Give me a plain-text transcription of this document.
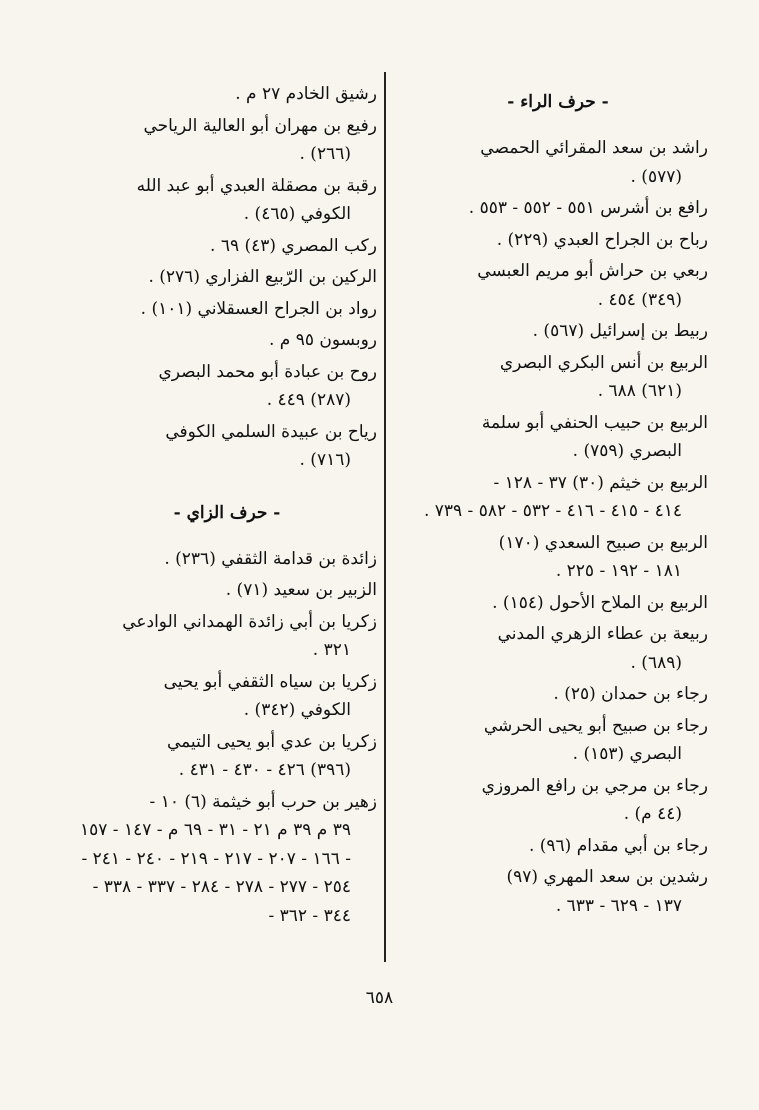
- حرف الراء -
راشد بن سعد المقرائي الحمصي
(٥٧٧) .
رافع بن أشرس ٥٥١ - ٥٥٢ - ٥٥٣ .
رباح بن الجراح العبدي (٢٢٩) .
ربعي بن حراش أبو مريم العبسي
(٣٤٩) ٤٥٤ .
ربيط بن إسرائيل (٥٦٧) .
الربيع بن أنس البكري البصري
(٦٢١) ٦٨٨ .
الربيع بن حبيب الحنفي أبو سلمة
البصري (٧٥٩) .
الربيع بن خيثم (٣٠) ٣٧ - ١٢٨ -
٤١٤ - ٤١٥ - ٤١٦ - ٥٣٢ - ٥٨٢ - ٧٣٩ .
الربيع بن صبيح السعدي (١٧٠)
١٨١ - ١٩٢ - ٢٢٥ .
الربيع بن الملاح الأحول (١٥٤) .
ربيعة بن عطاء الزهري المدني
(٦٨٩) .
رجاء بن حمدان (٢٥) .
رجاء بن صبيح أبو يحيى الحرشي
البصري (١٥٣) .
رجاء بن مرجي بن رافع المروزي
(٤٤ م) .
رجاء بن أبي مقدام (٩٦) .
رشدين بن سعد المهري (٩٧)
١٣٧ - ٦٢٩ - ٦٣٣ .
رشيق الخادم ٢٧ م .
رفيع بن مهران أبو العالية الرياحي
(٢٦٦) .
رقبة بن مصقلة العبدي أبو عبد الله
الكوفي (٤٦٥) .
ركب المصري (٤٣) ٦٩ .
الركين بن الرّبيع الفزاري (٢٧٦) .
رواد بن الجراح العسقلاني (١٠١) .
روبسون ٩٥ م .
روح بن عبادة أبو محمد البصري
(٢٨٧) ٤٤٩ .
رياح بن عبيدة السلمي الكوفي
(٧١٦) .
- حرف الزاي -
زائدة بن قدامة الثقفي (٢٣٦) .
الزبير بن سعيد (٧١) .
زكريا بن أبي زائدة الهمداني الوادعي
٣٢١ .
زكريا بن سياه الثقفي أبو يحيى
الكوفي (٣٤٢) .
زكريا بن عدي أبو يحيى التيمي
(٣٩٦) ٤٢٦ - ٤٣٠ - ٤٣١ .
زهير بن حرب أبو خيثمة (٦) ١٠ -
٣٩ م ٣٩ م ٢١ - ٣١ - ٦٩ م - ١٤٧ - ١٥٧ - ١٦٦ - ٢٠٧ - ٢١٧ - ٢١٩ - ٢٤٠ - ٢٤١ - ٢٥٤ - ٢٧٧ - ٢٧٨ - ٢٨٤ - ٣٣٧ - ٣٣٨ - ٣٤٤ - ٣٦٢ -
٦٥٨
